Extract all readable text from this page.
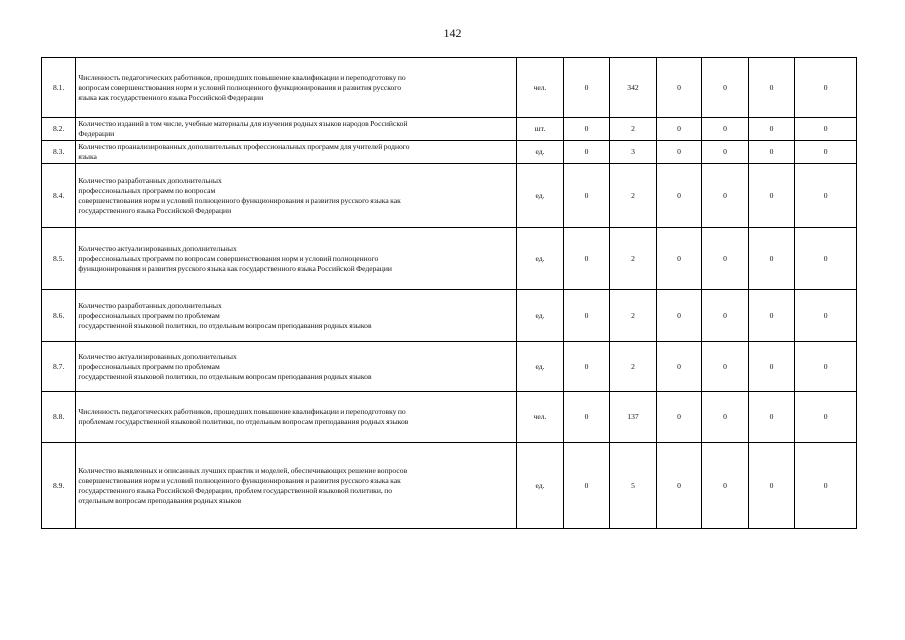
142
8.1.	Численность педагогических работников, прошедших повышение квалификации и переподготовку по
вопросам совершенствования норм и условий полноценного функционирования и развития русского
языка как государственного языка Российской Федерации	чел.	0	342	0	0	0	0
8.2.	Количество изданий в том числе, учебные материалы для изучения родных языков народов Российской
Федерации	шт.	0	2	0	0	0	0
8.3.	Количество проанализированных дополнительных профессиональных программ для учителей родного
языка	ед.	0	3	0	0	0	0
8.4.	Количество разработанных дополнительных
профессиональных программ по вопросам
совершенствования норм и условий полноценного функционирования и развития русского языка как
государственного языка Российской Федерации	ед.	0	2	0	0	0	0
8.5.	Количество актуализированных дополнительных
профессиональных программ по вопросам совершенствования норм и условий полноценного
функционирования и развития русского языка как государственного языка Российской Федерации	ед.	0	2	0	0	0	0
8.6.	Количество разработанных дополнительных
профессиональных программ по проблемам
государственной языковой политики, по отдельным вопросам преподавания родных языков	ед.	0	2	0	0	0	0
8.7.	Количество актуализированных дополнительных
профессиональных программ по проблемам
государственной языковой политики, по отдельным вопросам преподавания родных языков	ед.	0	2	0	0	0	0
8.8.	Численность педагогических работников, прошедших повышение квалификации и переподготовку по
проблемам государственной языковой политики, по отдельным вопросам преподавания родных языков	чел.	0	137	0	0	0	0
8.9.	Количество выявленных и описанных лучших практик и моделей, обеспечивающих решение вопросов
совершенствования норм и условий полноценного функционирования и развития русского языка как
государственного языка Российской Федерации, проблем государственной языковой политики, по
отдельным вопросам преподавания родных языков	ед.	0	5	0	0	0	0
